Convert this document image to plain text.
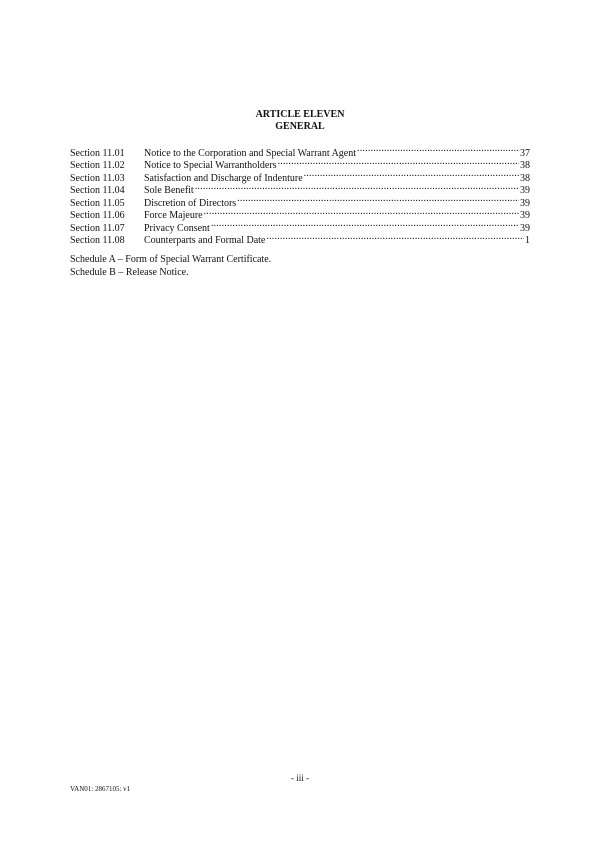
ARTICLE ELEVEN
GENERAL
Section 11.01	Notice to the Corporation and Special Warrant Agent .....	37
Section 11.02	Notice to Special Warrantholders .....	38
Section 11.03	Satisfaction and Discharge of Indenture .....	38
Section 11.04	Sole Benefit .....	39
Section 11.05	Discretion of Directors .....	39
Section 11.06	Force Majeure .....	39
Section 11.07	Privacy Consent .....	39
Section 11.08	Counterparts and Formal Date .....	1
Schedule A – Form of Special Warrant Certificate.
Schedule B – Release Notice.
- iii -
VAN01: 2867105: v1
